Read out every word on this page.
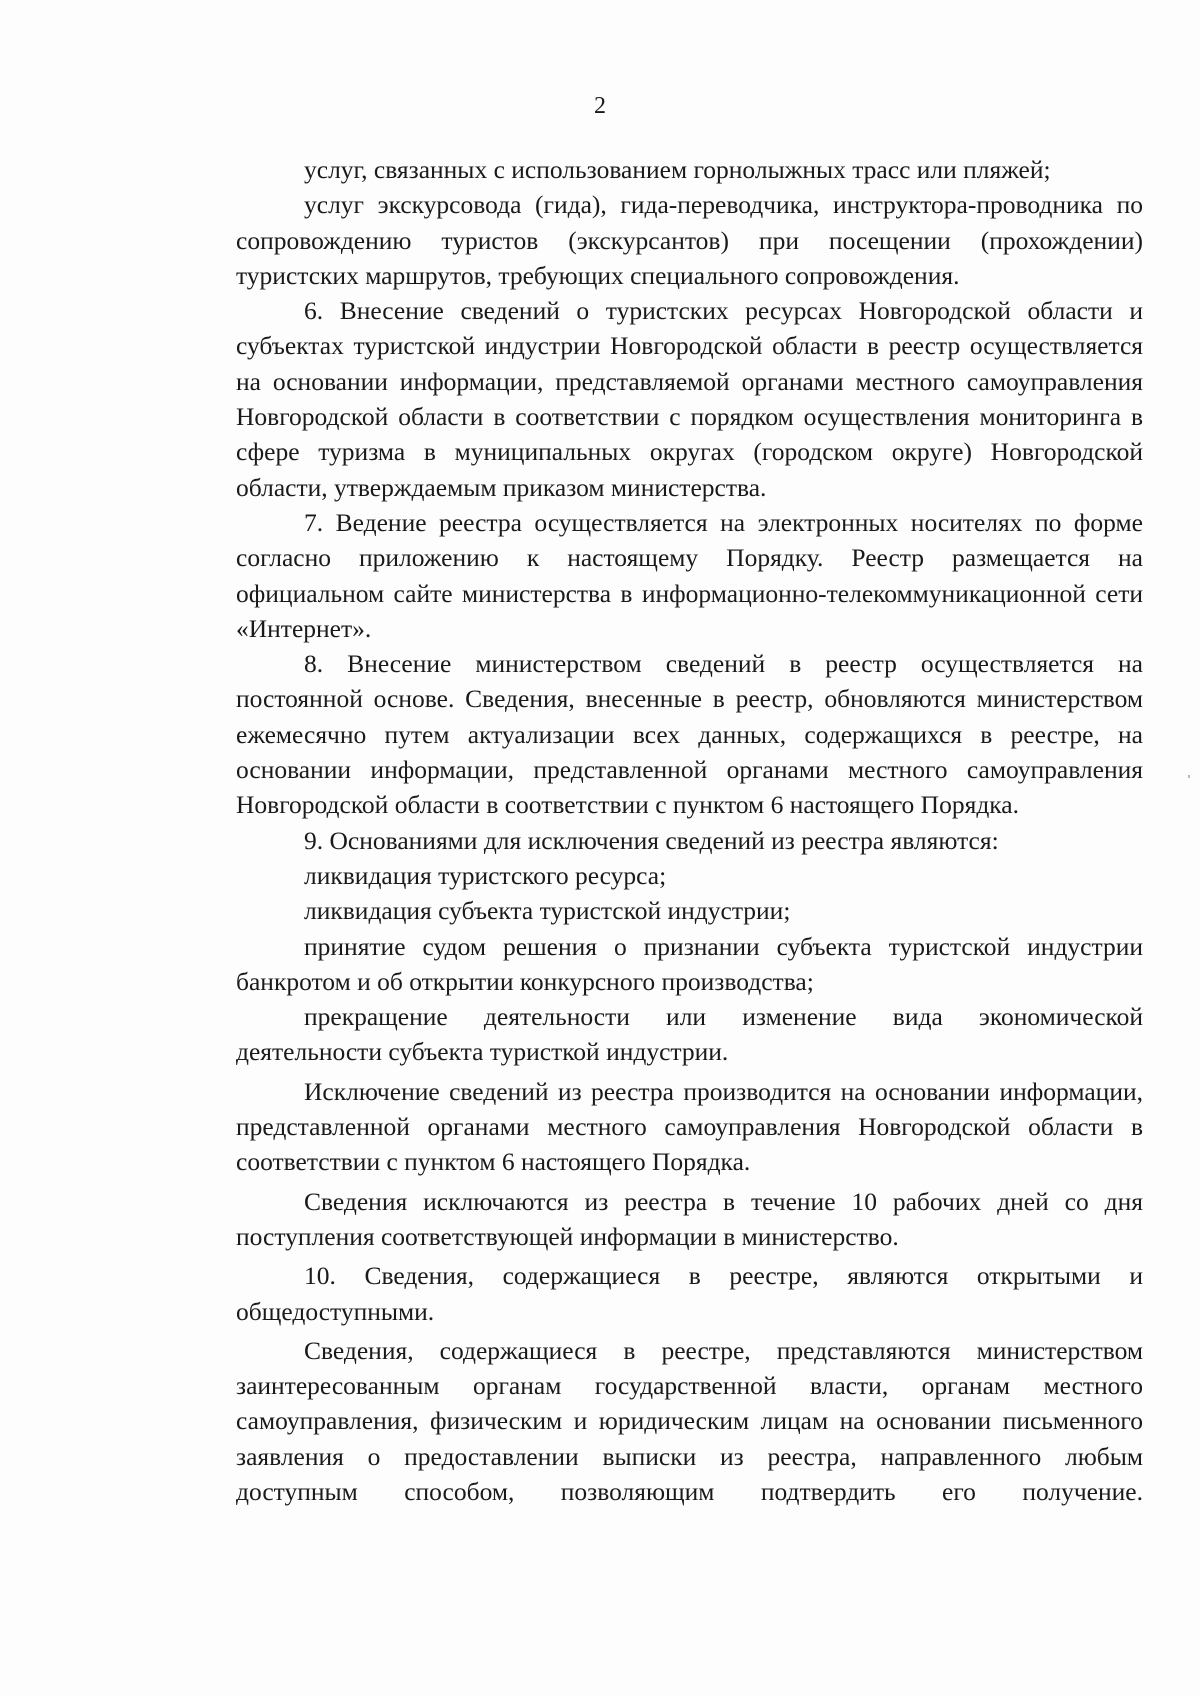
2

услуг, связанных с использованием горнолыжных трасс или пляжей;

услуг экскурсовода (гида), гида-переводчика, инструктора-проводника по сопровождению туристов (экскурсантов) при посещении (прохождении) туристских маршрутов, требующих специального сопровождения.

6. Внесение сведений о туристских ресурсах Новгородской области и субъектах туристской индустрии Новгородской области в реестр осуществляется на основании информации, представляемой органами местного самоуправления Новгородской области в соответствии с порядком осуществления мониторинга в сфере туризма в муниципальных округах (городском округе) Новгородской области, утверждаемым приказом министерства.

7. Ведение реестра осуществляется на электронных носителях по форме согласно приложению к настоящему Порядку. Реестр размещается на официальном сайте министерства в информационно-телекоммуникационной сети «Интернет».

8. Внесение министерством сведений в реестр осуществляется на постоянной основе. Сведения, внесенные в реестр, обновляются министерством ежемесячно путем актуализации всех данных, содержащихся в реестре, на основании информации, представленной органами местного самоуправления Новгородской области в соответствии с пунктом 6 настоящего Порядка.

9. Основаниями для исключения сведений из реестра являются:

ликвидация туристского ресурса;

ликвидация субъекта туристской индустрии;

принятие судом решения о признании субъекта туристской индустрии банкротом и об открытии конкурсного производства;

прекращение деятельности или изменение вида экономической деятельности субъекта туристкой индустрии.

Исключение сведений из реестра производится на основании информации, представленной органами местного самоуправления Новгородской области в соответствии с пунктом 6 настоящего Порядка.

Сведения исключаются из реестра в течение 10 рабочих дней со дня поступления соответствующей информации в министерство.

10. Сведения, содержащиеся в реестре, являются открытыми и общедоступными.

Сведения, содержащиеся в реестре, представляются министерством заинтересованным органам государственной власти, органам местного самоуправления, физическим и юридическим лицам на основании письменного заявления о предоставлении выписки из реестра, направленного любым доступным способом, позволяющим подтвердить его получение.
